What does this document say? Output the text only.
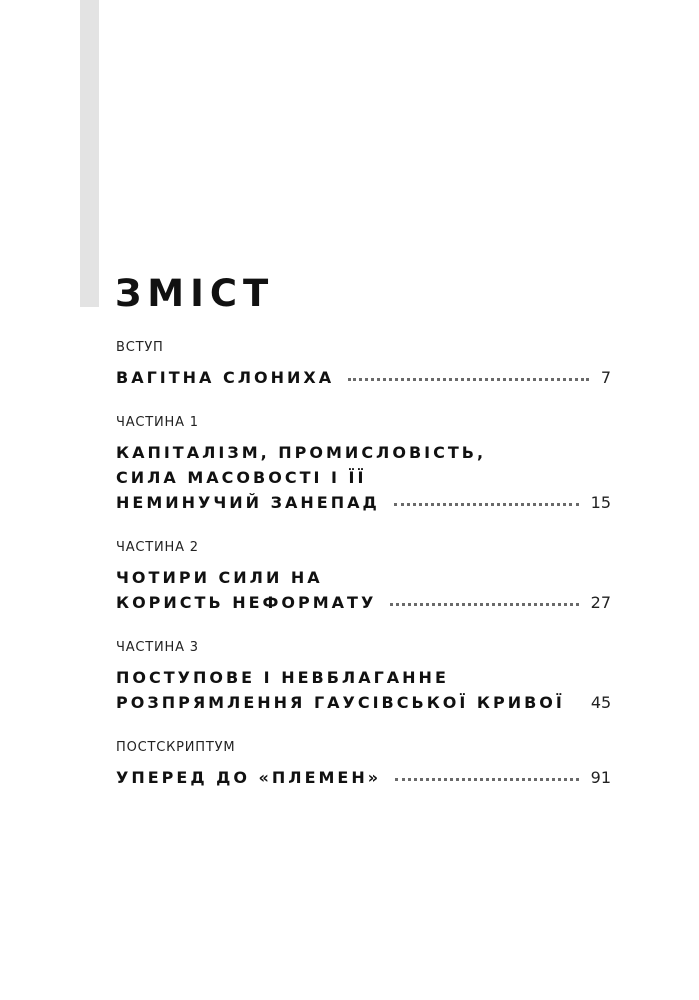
ЗМІСТ
ВСТУП
ВАГІТНА СЛОНИХА	7
ЧАСТИНА 1
КАПІТАЛІЗМ, ПРОМИСЛОВІСТЬ,
СИЛА МАСОВОСТІ І ЇЇ
НЕМИНУЧИЙ ЗАНЕПАД	15
ЧАСТИНА 2
ЧОТИРИ СИЛИ НА
КОРИСТЬ НЕФОРМАТУ	27
ЧАСТИНА 3
ПОСТУПОВЕ І НЕВБЛАГАННЕ
РОЗПРЯМЛЕННЯ ГАУСІВСЬКОЇ КРИВОЇ 45
ПОСТСКРИПТУМ
УПЕРЕД ДО «ПЛЕМЕН»	91
